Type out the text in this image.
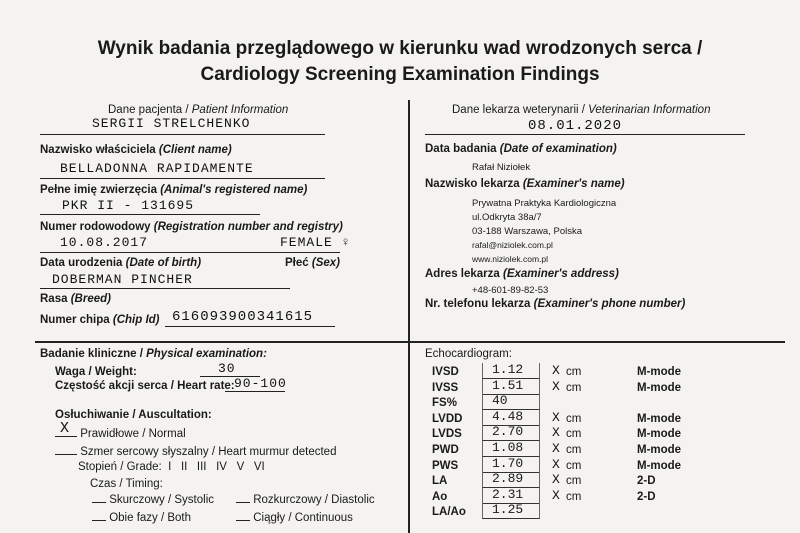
Wynik badania przeglądowego w kierunku wad wrodzonych serca /
Cardiology Screening Examination Findings
Dane pacjenta / Patient Information
SERGII STRELCHENKO
Nazwisko właściciela (Client name)
BELLADONNA RAPIDAMENTE
Pełne imię zwierzęcia (Animal's registered name)
PKR II - 131695
Numer rodowodowy (Registration number and registry)
10.08.2017	FEMALE ♀
Data urodzenia (Date of birth)	Płeć (Sex)
DOBERMAN PINCHER
Rasa (Breed)
Numer chipa (Chip Id) 616093900341615
Dane lekarza weterynarii / Veterinarian Information
08.01.2020
Data badania (Date of examination)
Rafał Niziołek
Nazwisko lekarza (Examiner's name)
Prywatna Praktyka Kardiologiczna
ul.Odkryta 38a/7
03-188 Warszawa, Polska
rafal@niziolek.com.pl
www.niziolek.com.pl
Adres lekarza (Examiner's address)
+48-601-89-82-53
Nr. telefonu lekarza (Examiner's phone number)
Badanie kliniczne / Physical examination:
Waga / Weight:	30
Częstość akcji serca / Heart rate: 90-100
Osłuchiwanie / Auscultation:
X Prawidłowe / Normal
Szmer sercowy słyszalny / Heart murmur detected
Stopień / Grade: I II III IV V VI
Czas / Timing:
Skurczowy / Systolic	Rozkurczowy / Diastolic
Obie fazy / Both	Ciągły / Continuous
Echocardiogram:
IVSD	1.12 X cm	M-mode
IVSS	1.51 X cm	M-mode
FS%	40
LVDD 4.48 X cm	M-mode
LVDS 2.70 X cm	M-mode
PWD	1.08 X cm	M-mode
PWS	1.70 X cm	M-mode
LA	2.89 X cm	2-D
Ao	2.31 X cm	2-D
LA/Ao 1.25
